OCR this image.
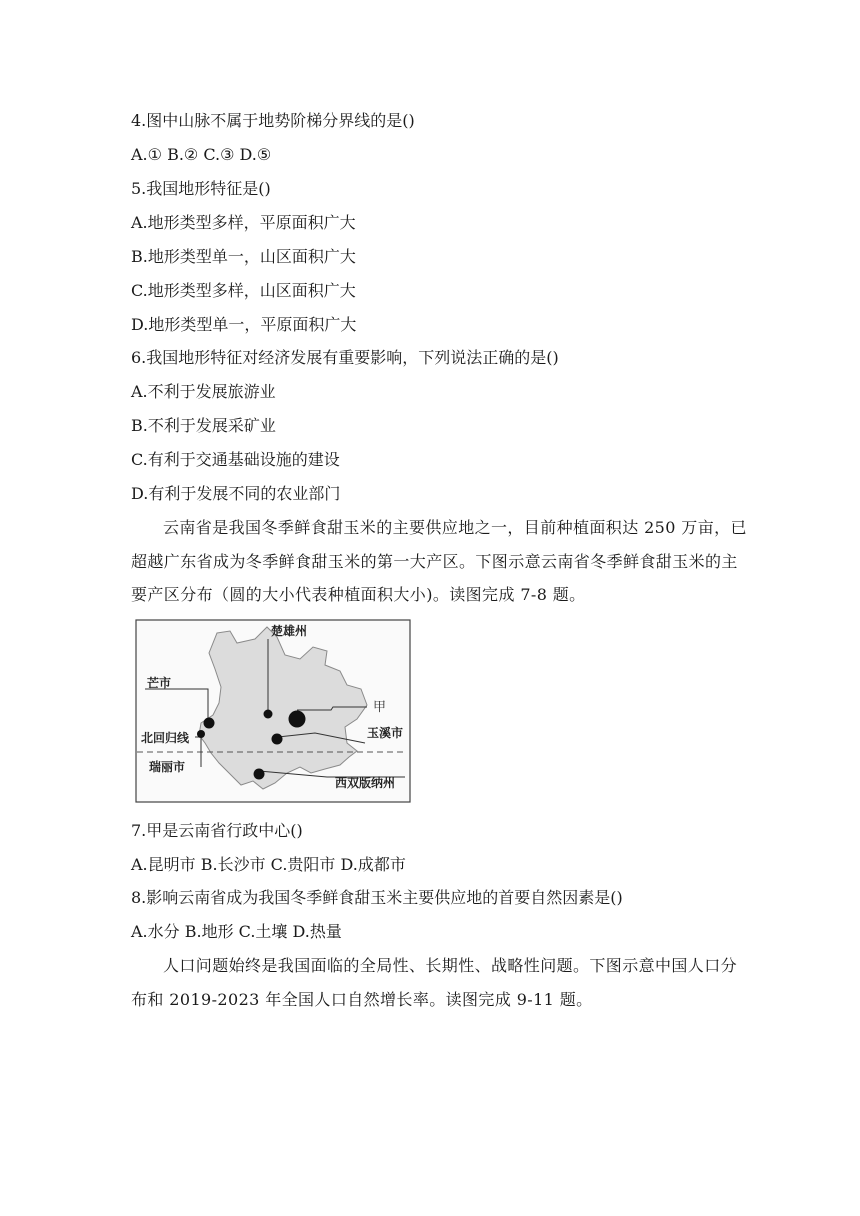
4.图中山脉不属于地势阶梯分界线的是()
A.① B.② C.③ D.⑤
5.我国地形特征是()
A.地形类型多样，平原面积广大
B.地形类型单一，山区面积广大
C.地形类型多样，山区面积广大
D.地形类型单一，平原面积广大
6.我国地形特征对经济发展有重要影响，下列说法正确的是()
A.不利于发展旅游业
B.不利于发展采矿业
C.有利于交通基础设施的建设
D.有利于发展不同的农业部门
云南省是我国冬季鲜食甜玉米的主要供应地之一，目前种植面积达 250 万亩，已超越广东省成为冬季鲜食甜玉米的第一大产区。下图示意云南省冬季鲜食甜玉米的主要产区分布（圆的大小代表种植面积大小)。读图完成 7-8 题。
楚雄州
芒市
甲
玉溪市
北回归线
瑞丽市
西双版纳州
7.甲是云南省行政中心()
A.昆明市 B.长沙市 C.贵阳市 D.成都市
8.影响云南省成为我国冬季鲜食甜玉米主要供应地的首要自然因素是()
A.水分 B.地形 C.土壤 D.热量
人口问题始终是我国面临的全局性、长期性、战略性问题。下图示意中国人口分布和 2019-2023 年全国人口自然增长率。读图完成 9-11 题。
